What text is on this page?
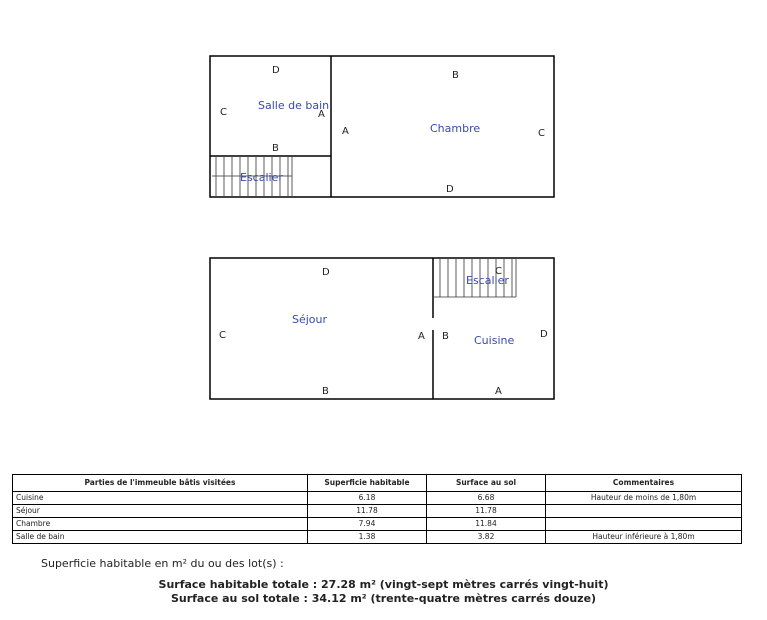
Salle de bain
Escalier
Chambre
D
C
B
A
B
A	C
D
Séjour
Escalier
Cuisine
D
C
B
A
C
B	D
A
Parties de l'immeuble bâtis visitées	Superficie habitable	Surface au sol	Commentaires
Cuisine	6.18	6.68	Hauteur de moins de 1,80m
Séjour	11.78	11.78	
Chambre	7.94	11.84	
Salle de bain	1.38	3.82	Hauteur inférieure à 1,80m
Superficie habitable en m² du ou des lot(s) :
Surface habitable totale : 27.28 m² (vingt-sept mètres carrés vingt-huit)
Surface au sol totale : 34.12 m² (trente-quatre mètres carrés douze)
